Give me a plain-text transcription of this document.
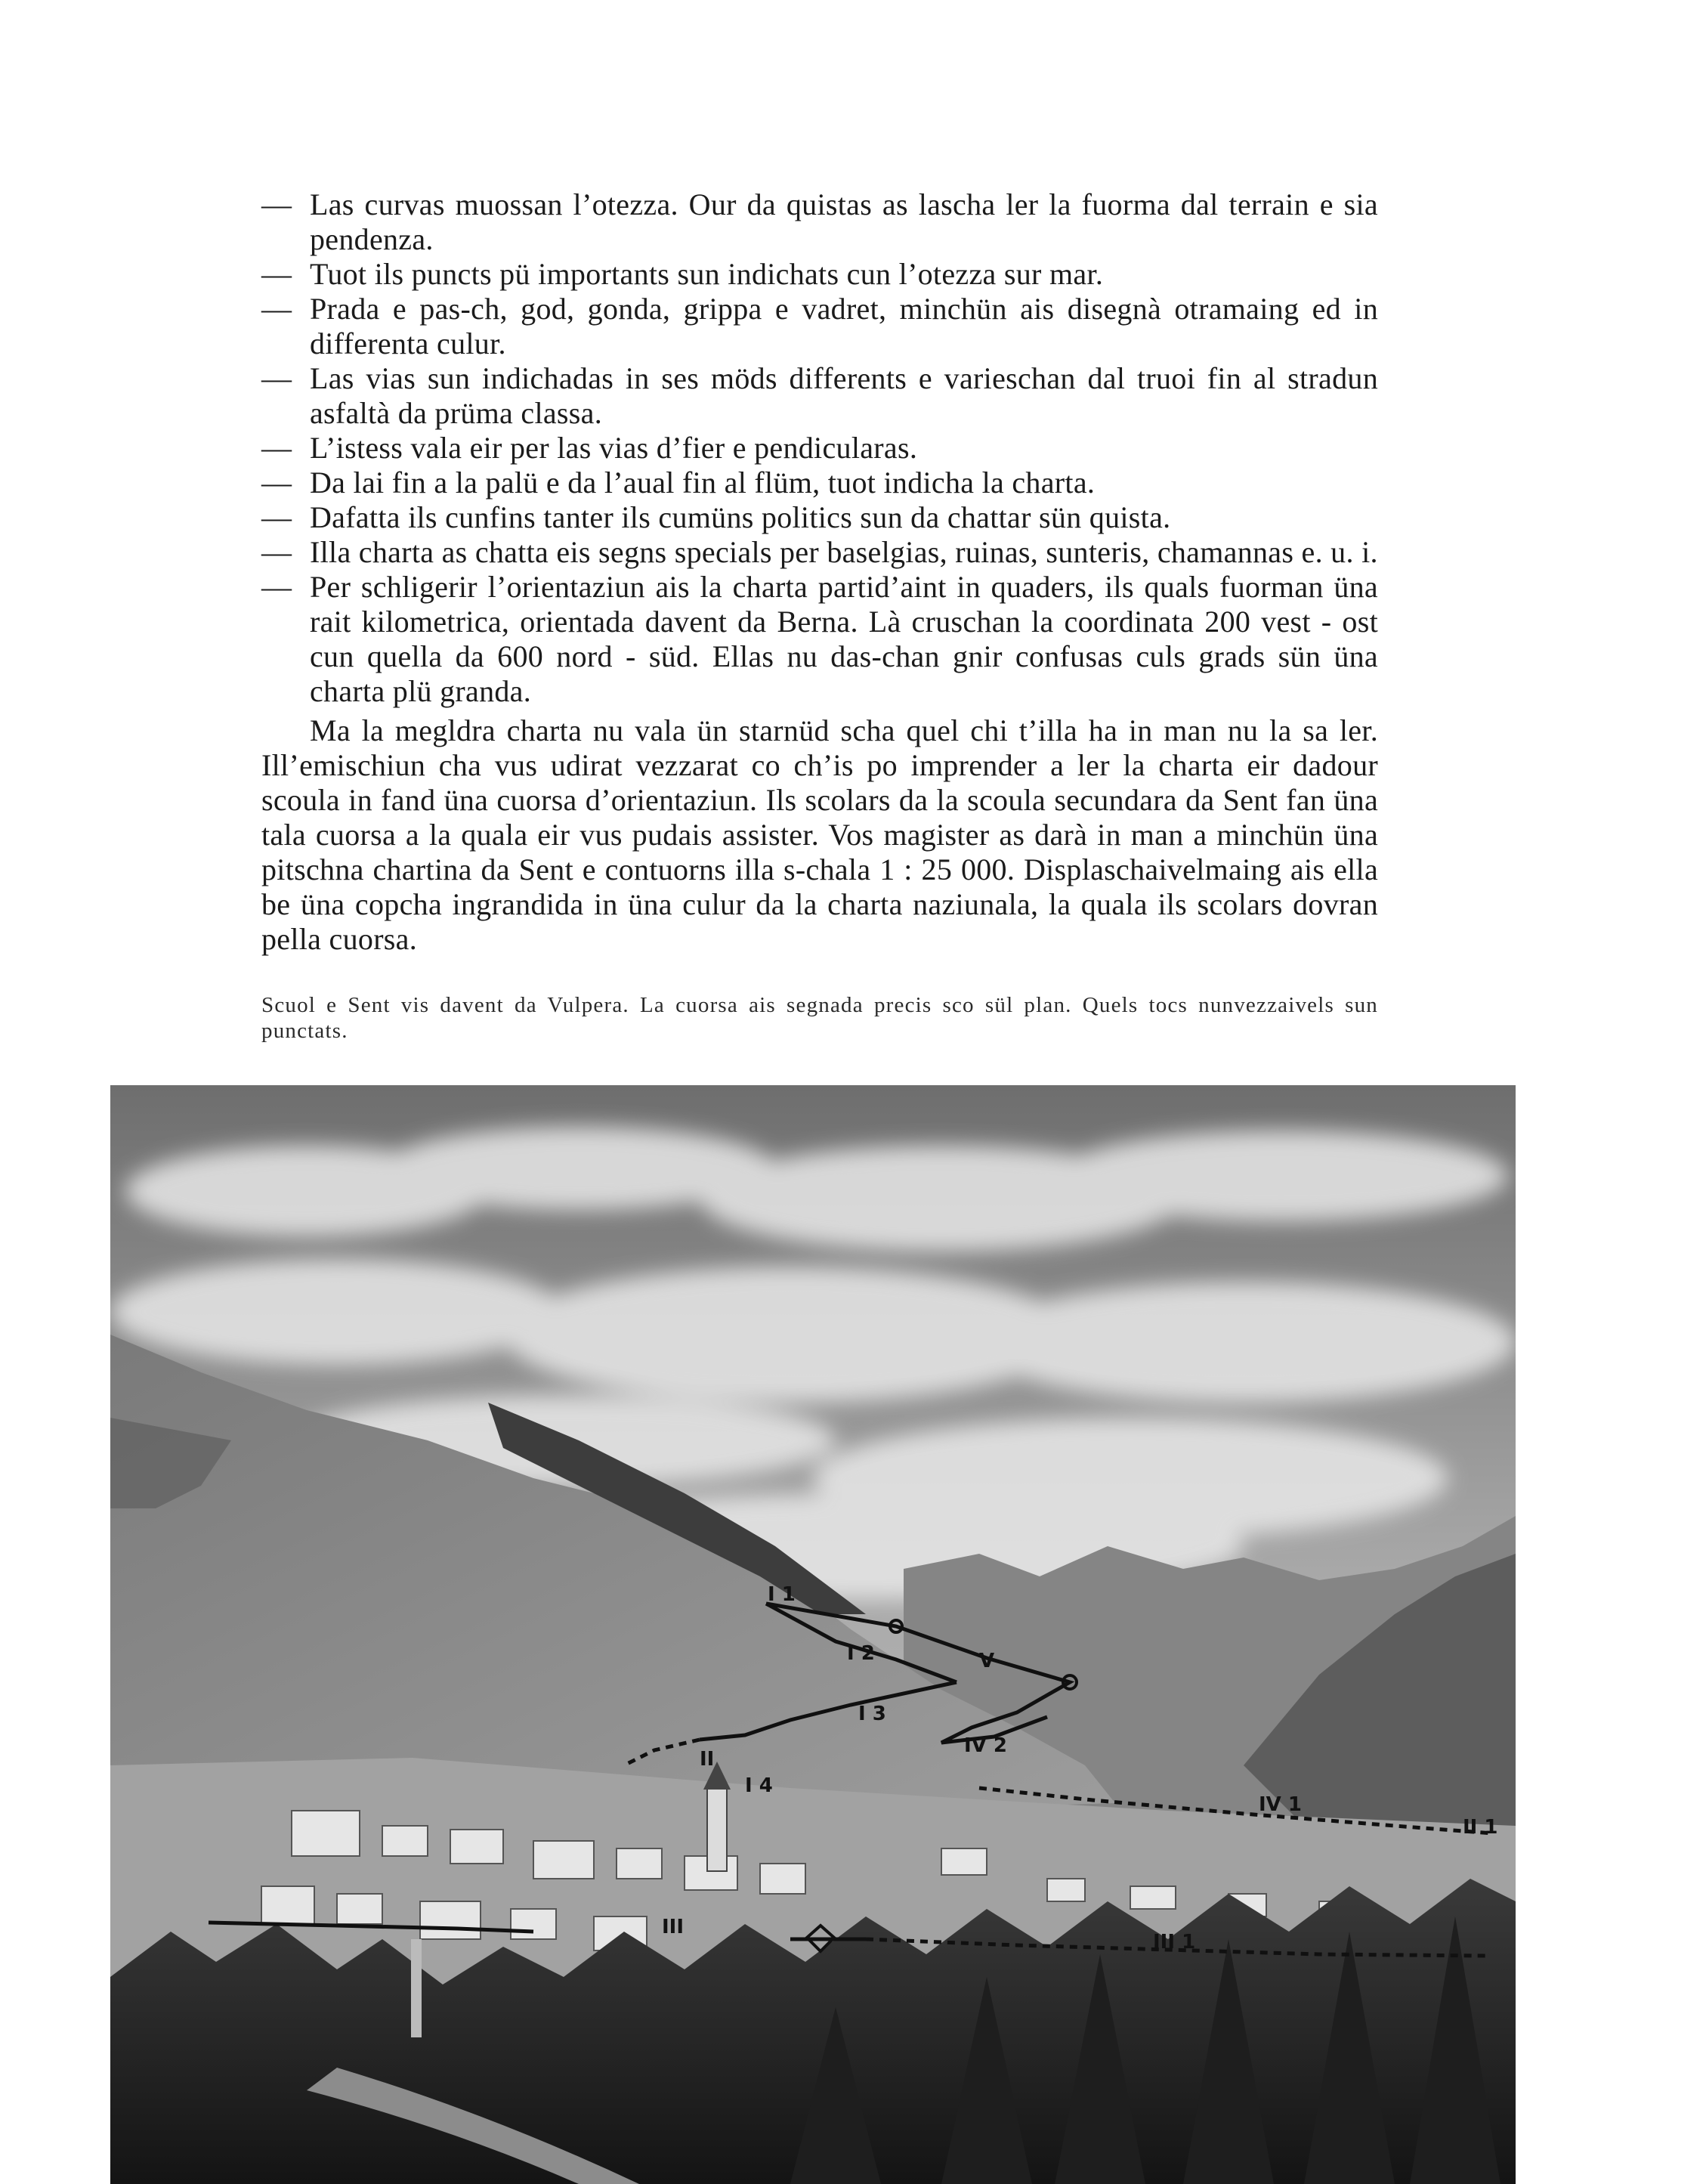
— Las curvas muossan l’otezza. Our da quistas as lascha ler la fuorma dal terrain e sia pendenza.

— Tuot ils puncts pü importants sun indichats cun l’otezza sur mar.

— Prada e pas-ch, god, gonda, grippa e vadret, minchün ais disegnà otramaing ed in differenta culur.

— Las vias sun indichadas in ses möds differents e varieschan dal truoi fin al stradun asfaltà da prüma classa.

— L’istess vala eir per las vias d’fier e pendicularas.

— Da lai fin a la palü e da l’aual fin al flüm, tuot indicha la charta.

— Dafatta ils cunfins tanter ils cumüns politics sun da chattar sün quista.

— Illa charta as chatta eis segns specials per baselgias, ruinas, sunteris, chamannas e. u. i.

— Per schligerir l’orientaziun ais la charta partid’aint in quaders, ils quals fuorman üna rait kilometrica, orientada davent da Berna. Là cruschan la coordinata 200 vest - ost cun quella da 600 nord - süd. Ellas nu das-chan gnir confusas culs grads sün üna charta plü granda.

Ma la megldra charta nu vala ün starnüd scha quel chi t’illa ha in man nu la sa ler. Ill’emischiun cha vus udirat vezzarat co ch’is po imprender a ler la charta eir dadour scoula in fand üna cuorsa d’orientaziun. Ils scolars da la scoula secundara da Sent fan üna tala cuorsa a la quala eir vus pudais assister. Vos magister as darà in man a minchün üna pitschna chartina da Sent e contuorns illa s-chala 1 : 25 000. Displaschaivelmaing ais ella be üna copcha ingrandida in üna culur da la charta naziunala, la quala ils scolars dovran pella cuorsa.

Scuol e Sent vis davent da Vulpera. La cuorsa ais segnada precis sco sül plan. Quels tocs nunvezzaivels sun punctats.
I 1
I 2
I 3
V
IV 2
II
I 4
IV 1
II 1
III
III 1
